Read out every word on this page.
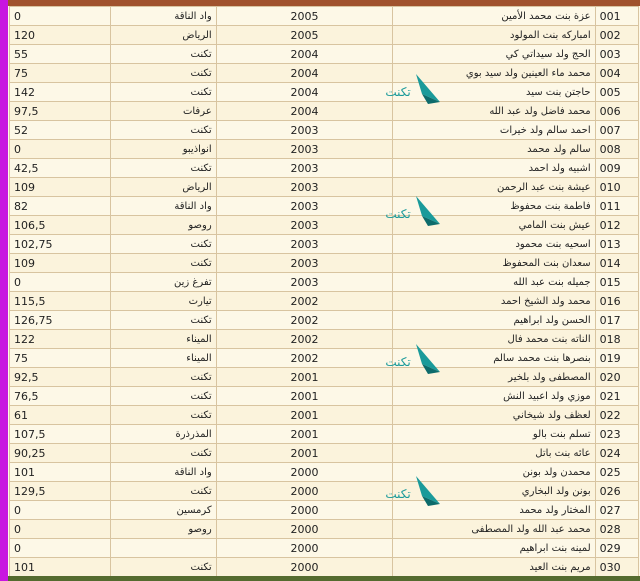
0	واد الناقة	2005	عزة بنت محمد الأمين	001
120	الرياض	2005	امباركه بنت المولود	002
55	تكنت	2004	الحج ولد سيداتي كي	003
75	تكنت	2004	محمد ماء العينين ولد سيد بوي	004
142	تكنت	2004	حاجتن بنت سيد	005
97,5	عرفات	2004	محمد فاضل ولد عبد الله	006
52	تكنت	2003	احمد سالم ولد خيرات	007
0	انواذيبو	2003	سالم ولد محمد	008
42,5	تكنت	2003	اشبيه ولد احمد	009
109	الرياض	2003	عيشة بنت عبد الرحمن	010
82	واد الناقة	2003	فاطمة بنت محفوظ	011
106,5	روصو	2003	عيش بنت المامي	012
102,75	تكنت	2003	اسحيه بنت محمود	013
109	تكنت	2003	سعدان بنت المحفوظ	014
0	تفرغ زين	2003	جميله بنت عبد الله	015
115,5	تيارت	2002	محمد ولد الشيخ احمد	016
126,75	تكنت	2002	الحسن ولد ابراهيم	017
122	الميناء	2002	الناته بنت محمد فال	018
75	الميناء	2002	بنصرها بنت محمد سالم	019
92,5	تكنت	2001	المصطفى ولد بلخير	020
76,5	تكنت	2001	موزي ولد اعبيد النش	021
61	تكنت	2001	لعظف ولد شيخاني	022
107,5	المذرذرة	2001	تسلم بنت بالو	023
90,25	تكنت	2001	عائه بنت باتل	024
101	واد الناقة	2000	محمدن ولد بونن	025
129,5	تكنت	2000	بونن ولد البخاري	026
0	كرمسين	2000	المختار ولد محمد	027
0	روصو	2000	محمد عبد الله ولد المصطفى	028
0		2000	لمينه بنت ابراهيم	029
101	تكنت	2000	مريم بنت العيد	030
تكنت
تكنت
تكنت
تكنت
